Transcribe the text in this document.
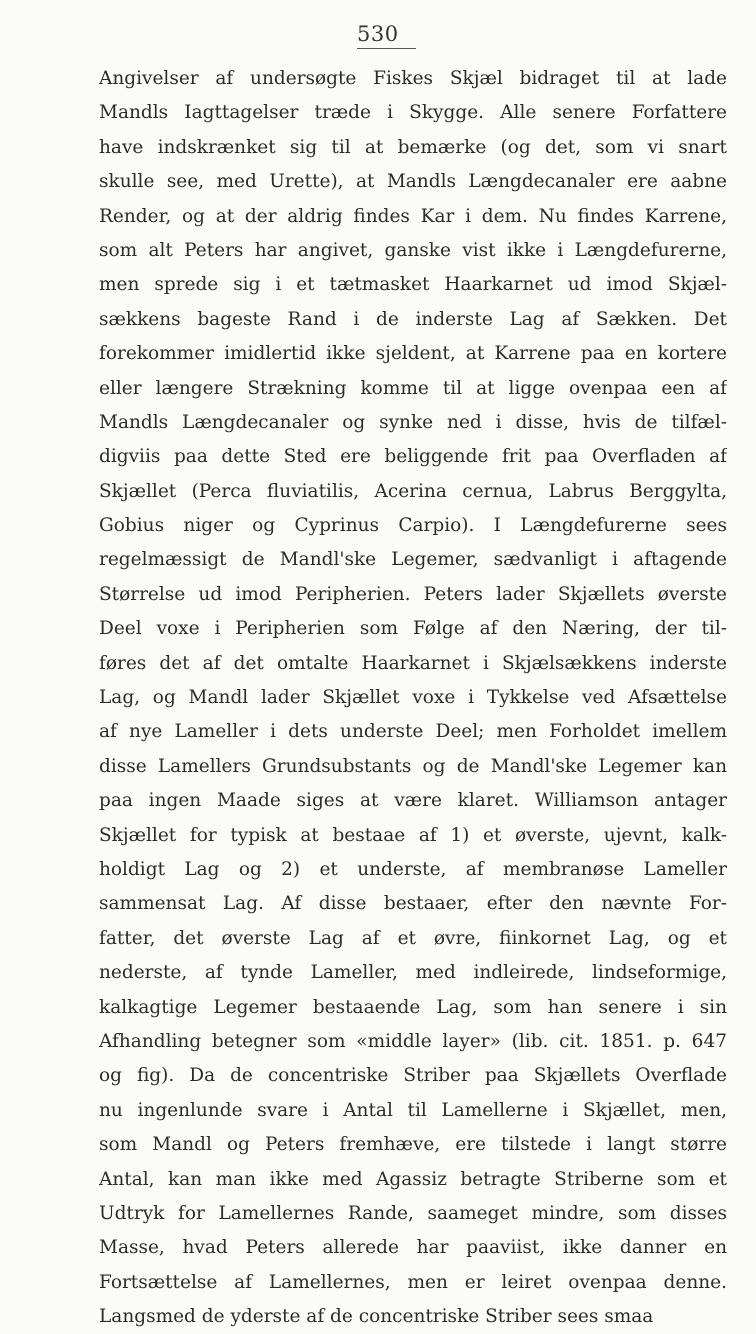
530
Angivelser af undersøgte Fiskes Skjæl bidraget til at lade
Mandls Iagttagelser træde i Skygge. Alle senere Forfattere
have indskrænket sig til at bemærke (og det, som vi snart
skulle see, med Urette), at Mandls Længdecanaler ere aabne
Render, og at der aldrig findes Kar i dem. Nu findes Karrene,
som alt Peters har angivet, ganske vist ikke i Længdefurerne,
men sprede sig i et tætmasket Haarkarnet ud imod Skjæl-
sækkens bageste Rand i de inderste Lag af Sækken. Det
forekommer imidlertid ikke sjeldent, at Karrene paa en kortere
eller længere Strækning komme til at ligge ovenpaa een af
Mandls Længdecanaler og synke ned i disse, hvis de tilfæl-
digviis paa dette Sted ere beliggende frit paa Overfladen af
Skjællet (Perca fluviatilis, Acerina cernua, Labrus Berggylta,
Gobius niger og Cyprinus Carpio). I Længdefurerne sees
regelmæssigt de Mandl'ske Legemer, sædvanligt i aftagende
Størrelse ud imod Peripherien. Peters lader Skjællets øverste
Deel voxe i Peripherien som Følge af den Næring, der til-
føres det af det omtalte Haarkarnet i Skjælsækkens inderste
Lag, og Mandl lader Skjællet voxe i Tykkelse ved Afsættelse
af nye Lameller i dets underste Deel; men Forholdet imellem
disse Lamellers Grundsubstants og de Mandl'ske Legemer kan
paa ingen Maade siges at være klaret. Williamson antager
Skjællet for typisk at bestaae af 1) et øverste, ujevnt, kalk-
holdigt Lag og 2) et underste, af membranøse Lameller
sammensat Lag. Af disse bestaaer, efter den nævnte For-
fatter, det øverste Lag af et øvre, fiinkornet Lag, og et
nederste, af tynde Lameller, med indleirede, lindseformige,
kalkagtige Legemer bestaaende Lag, som han senere i sin
Afhandling betegner som «middle layer» (lib. cit. 1851. p. 647
og fig). Da de concentriske Striber paa Skjællets Overflade
nu ingenlunde svare i Antal til Lamellerne i Skjællet, men,
som Mandl og Peters fremhæve, ere tilstede i langt større
Antal, kan man ikke med Agassiz betragte Striberne som et
Udtryk for Lamellernes Rande, saameget mindre, som disses
Masse, hvad Peters allerede har paaviist, ikke danner en
Fortsættelse af Lamellernes, men er leiret ovenpaa denne.
Langsmed de yderste af de concentriske Striber sees smaa
